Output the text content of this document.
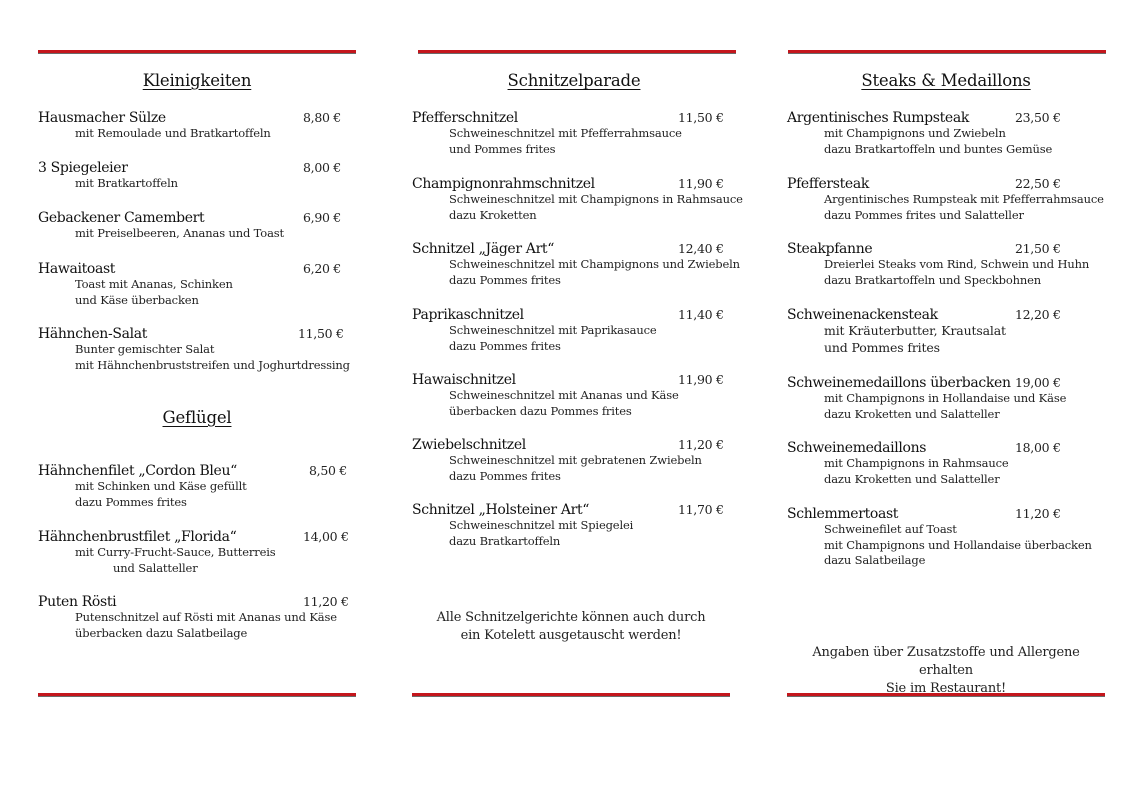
Kleinigkeiten
Hausmacher Sülze	8,80 €
mit Remoulade und Bratkartoffeln
3 Spiegeleier	8,00 €
mit Bratkartoffeln
Gebackener Camembert	6,90 €
mit Preiselbeeren, Ananas und Toast
Hawaitoast	6,20 €
Toast mit Ananas, Schinken
und Käse überbacken
Hähnchen-Salat	11,50 €
Bunter gemischter Salat
mit Hähnchenbruststreifen und Joghurtdressing
Geflügel
Hähnchenfilet „Cordon Bleu“	8,50 €
mit Schinken und Käse gefüllt
dazu Pommes frites
Hähnchenbrustfilet „Florida“	14,00 €
mit Curry-Frucht-Sauce, Butterreis
und Salatteller
Puten Rösti	11,20 €
Putenschnitzel auf Rösti mit Ananas und Käse
überbacken dazu Salatbeilage
Schnitzelparade
Pfefferschnitzel	11,50 €
Schweineschnitzel mit Pfefferrahmsauce
und Pommes frites
Champignonrahmschnitzel	11,90 €
Schweineschnitzel mit Champignons in Rahmsauce
dazu Kroketten
Schnitzel „Jäger Art“	12,40 €
Schweineschnitzel mit Champignons und Zwiebeln
dazu Pommes frites
Paprikaschnitzel	11,40 €
Schweineschnitzel mit Paprikasauce
dazu Pommes frites
Hawaischnitzel	11,90 €
Schweineschnitzel mit Ananas und Käse
überbacken dazu Pommes frites
Zwiebelschnitzel	11,20 €
Schweineschnitzel mit gebratenen Zwiebeln
dazu Pommes frites
Schnitzel „Holsteiner Art“	11,70 €
Schweineschnitzel mit Spiegelei
dazu Bratkartoffeln
Alle Schnitzelgerichte können auch durch
ein Kotelett ausgetauscht werden!
Steaks & Medaillons
Argentinisches Rumpsteak	23,50 €
mit Champignons und Zwiebeln
dazu Bratkartoffeln und buntes Gemüse
Pfeffersteak	22,50 €
Argentinisches Rumpsteak mit Pfefferrahmsauce
dazu Pommes frites und Salatteller
Steakpfanne	21,50 €
Dreierlei Steaks vom Rind, Schwein und Huhn
dazu Bratkartoffeln und Speckbohnen
Schweinenackensteak	12,20 €
mit Kräuterbutter, Krautsalat
und Pommes frites
Schweinemedaillons überbacken 19,00 €
mit Champignons in Hollandaise und Käse
dazu Kroketten und Salatteller
Schweinemedaillons	18,00 €
mit Champignons in Rahmsauce
dazu Kroketten und Salatteller
Schlemmertoast	11,20 €
Schweinefilet auf Toast
mit Champignons und Hollandaise überbacken
dazu Salatbeilage
Angaben über Zusatzstoffe und Allergene erhalten
Sie im Restaurant!
